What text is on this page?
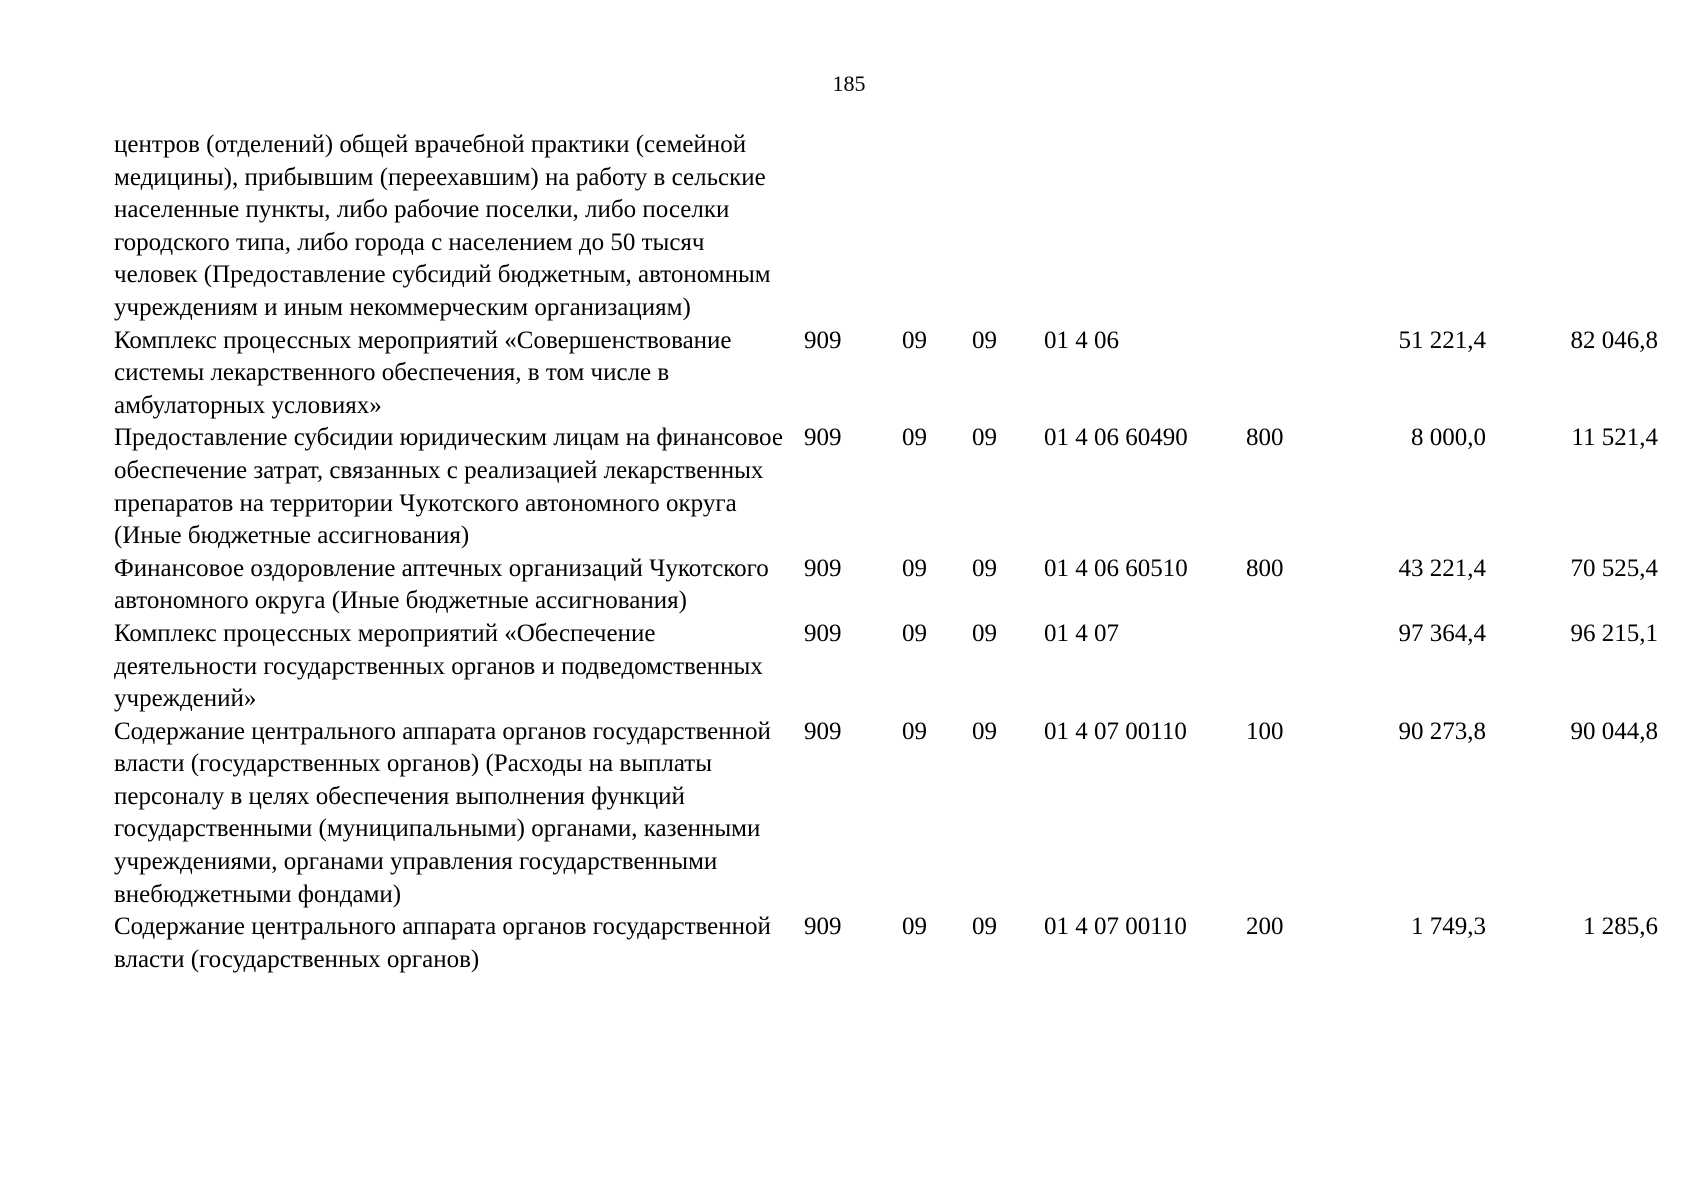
185
центров (отделений) общей врачебной практики (семейной медицины), прибывшим (переехавшим) на работу в сельские населенные пункты, либо рабочие поселки, либо поселки городского типа, либо города с населением до 50 тысяч человек (Предоставление субсидий бюджетным, автономным учреждениям и иным некоммерческим организациям)							
Комплекс процессных мероприятий «Совершенствование системы лекарственного обеспечения, в том числе в амбулаторных условиях»	909	09	09	01 4 06		51 221,4	82 046,8
Предоставление субсидии юридическим лицам на финансовое обеспечение затрат, связанных с реализацией лекарственных препаратов на территории Чукотского автономного округа (Иные бюджетные ассигнования)	909	09	09	01 4 06 60490	800	8 000,0	11 521,4
Финансовое оздоровление аптечных организаций Чукотского автономного округа (Иные бюджетные ассигнования)	909	09	09	01 4 06 60510	800	43 221,4	70 525,4
Комплекс процессных мероприятий «Обеспечение деятельности государственных органов и подведомственных учреждений»	909	09	09	01 4 07		97 364,4	96 215,1
Содержание центрального аппарата органов государственной власти (государственных органов) (Расходы на выплаты персоналу в целях обеспечения выполнения функций государственными (муниципальными) органами, казенными учреждениями, органами управления государственными внебюджетными фондами)	909	09	09	01 4 07 00110	100	90 273,8	90 044,8
Содержание центрального аппарата органов государственной власти (государственных органов)	909	09	09	01 4 07 00110	200	1 749,3	1 285,6
